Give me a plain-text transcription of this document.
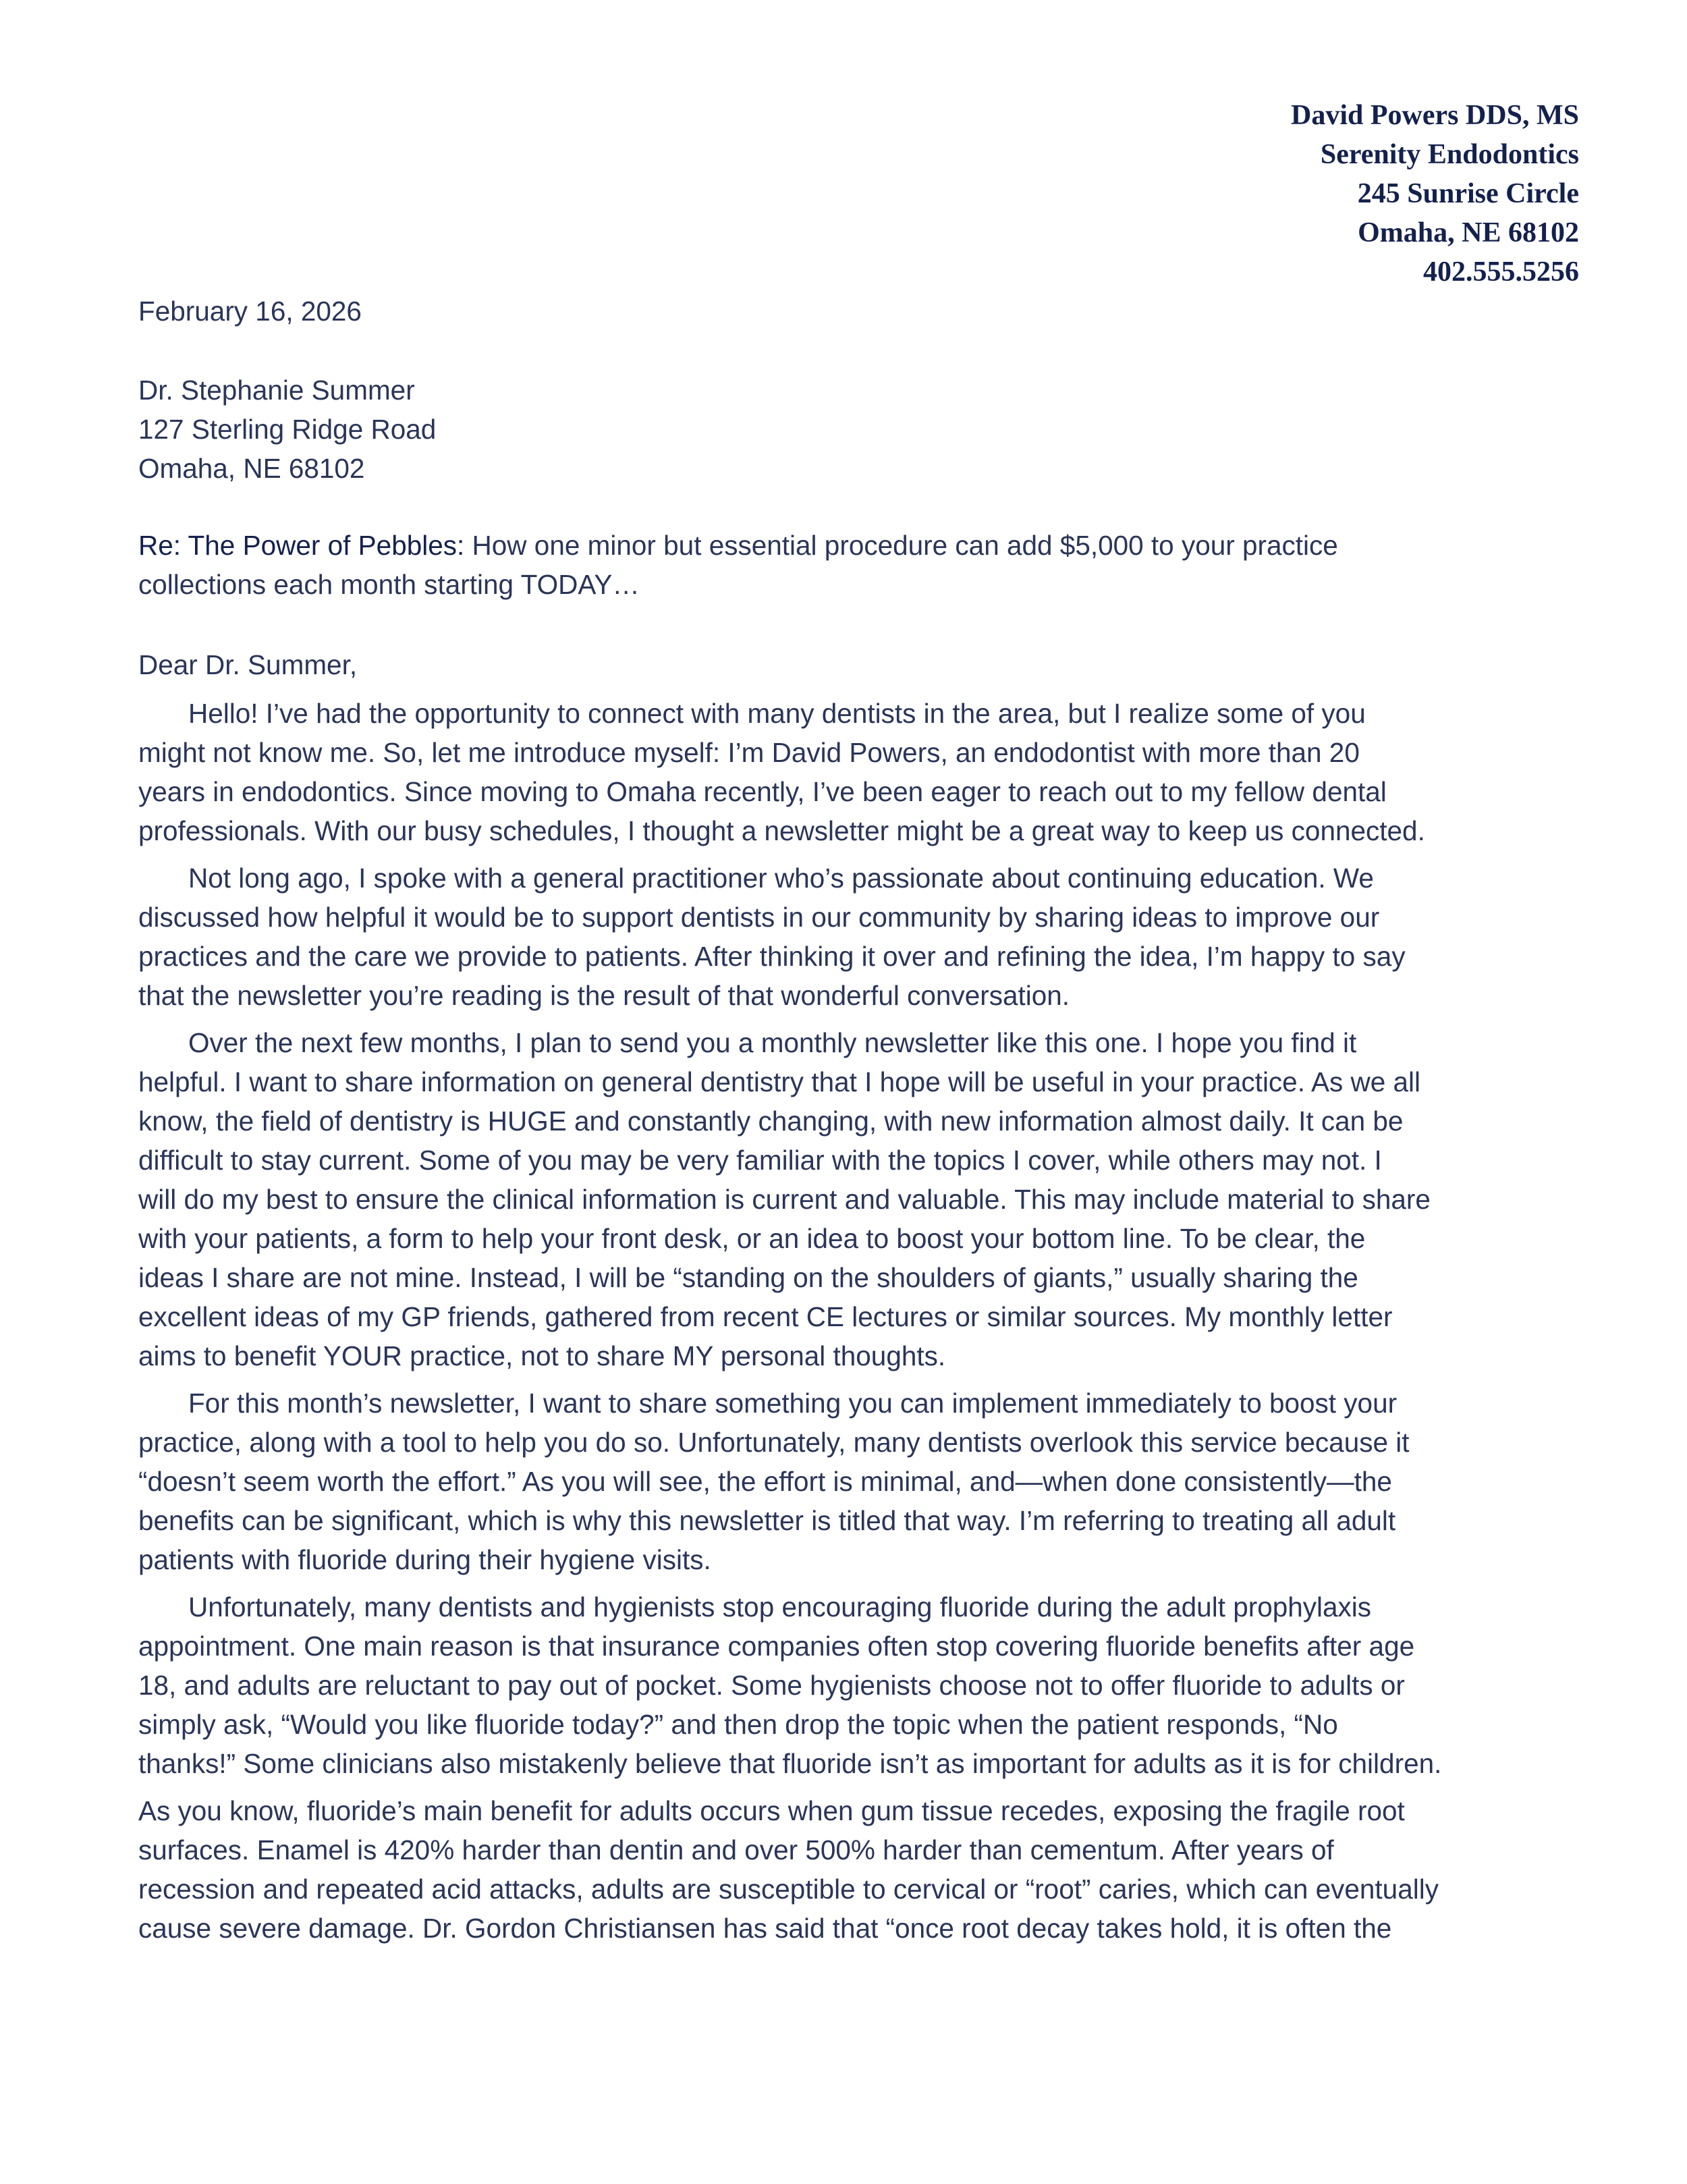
David Powers DDS, MS
Serenity Endodontics
245 Sunrise Circle
Omaha, NE 68102
402.555.5256
February 16, 2026
Dr. Stephanie Summer
127 Sterling Ridge Road
Omaha, NE 68102
Re: The Power of Pebbles: How one minor but essential procedure can add $5,000 to your practice
collections each month starting TODAY…
Dear Dr. Summer,

Hello! I’ve had the opportunity to connect with many dentists in the area, but I realize some of you
might not know me. So, let me introduce myself: I’m David Powers, an endodontist with more than 20
years in endodontics. Since moving to Omaha recently, I’ve been eager to reach out to my fellow dental
professionals. With our busy schedules, I thought a newsletter might be a great way to keep us connected.

Not long ago, I spoke with a general practitioner who’s passionate about continuing education. We
discussed how helpful it would be to support dentists in our community by sharing ideas to improve our
practices and the care we provide to patients. After thinking it over and refining the idea, I’m happy to say
that the newsletter you’re reading is the result of that wonderful conversation.

Over the next few months, I plan to send you a monthly newsletter like this one. I hope you find it
helpful. I want to share information on general dentistry that I hope will be useful in your practice. As we all
know, the field of dentistry is HUGE and constantly changing, with new information almost daily. It can be
difficult to stay current. Some of you may be very familiar with the topics I cover, while others may not. I
will do my best to ensure the clinical information is current and valuable. This may include material to share
with your patients, a form to help your front desk, or an idea to boost your bottom line. To be clear, the
ideas I share are not mine. Instead, I will be “standing on the shoulders of giants,” usually sharing the
excellent ideas of my GP friends, gathered from recent CE lectures or similar sources. My monthly letter
aims to benefit YOUR practice, not to share MY personal thoughts.

For this month’s newsletter, I want to share something you can implement immediately to boost your
practice, along with a tool to help you do so. Unfortunately, many dentists overlook this service because it
“doesn’t seem worth the effort.” As you will see, the effort is minimal, and—when done consistently—the
benefits can be significant, which is why this newsletter is titled that way. I’m referring to treating all adult
patients with fluoride during their hygiene visits.

Unfortunately, many dentists and hygienists stop encouraging fluoride during the adult prophylaxis
appointment. One main reason is that insurance companies often stop covering fluoride benefits after age
18, and adults are reluctant to pay out of pocket. Some hygienists choose not to offer fluoride to adults or
simply ask, “Would you like fluoride today?” and then drop the topic when the patient responds, “No
thanks!” Some clinicians also mistakenly believe that fluoride isn’t as important for adults as it is for children.

As you know, fluoride’s main benefit for adults occurs when gum tissue recedes, exposing the fragile root
surfaces. Enamel is 420% harder than dentin and over 500% harder than cementum. After years of
recession and repeated acid attacks, adults are susceptible to cervical or “root” caries, which can eventually
cause severe damage. Dr. Gordon Christiansen has said that “once root decay takes hold, it is often the
